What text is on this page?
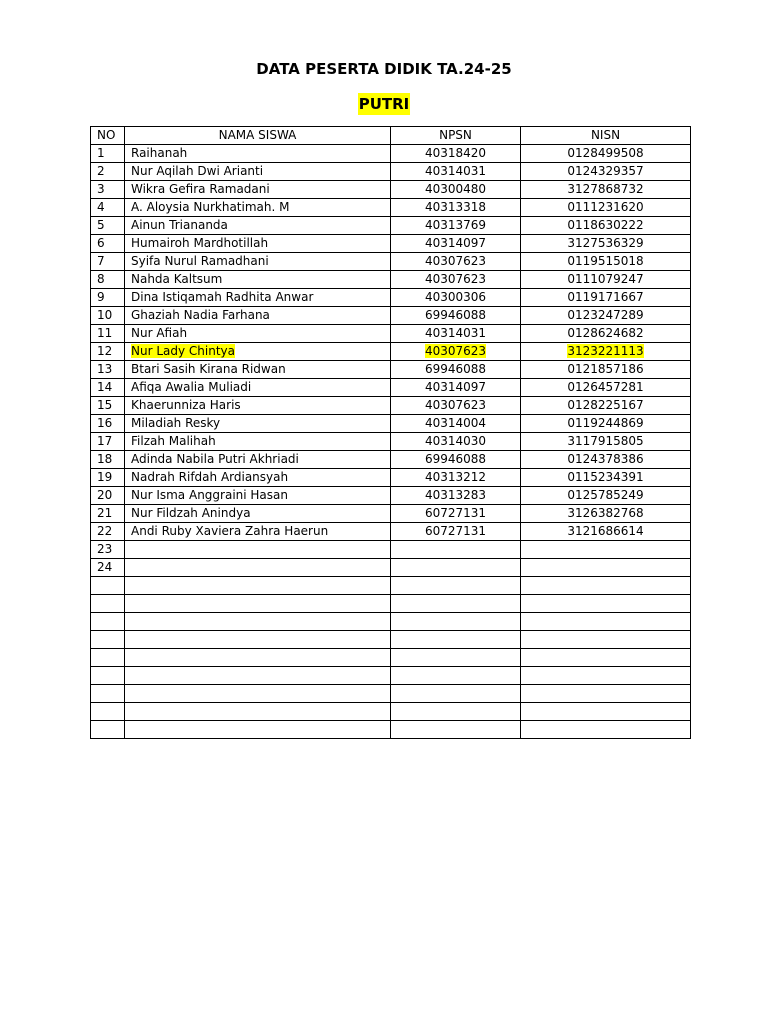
DATA PESERTA DIDIK TA.24-25
PUTRI
NO	NAMA SISWA	NPSN	NISN
1	Raihanah	40318420	0128499508
2	Nur Aqilah Dwi Arianti	40314031	0124329357
3	Wikra Gefira Ramadani	40300480	3127868732
4	A. Aloysia Nurkhatimah. M	40313318	0111231620
5	Ainun Triananda	40313769	0118630222
6	Humairoh Mardhotillah	40314097	3127536329
7	Syifa Nurul Ramadhani	40307623	0119515018
8	Nahda Kaltsum	40307623	0111079247
9	Dina Istiqamah Radhita Anwar	40300306	0119171667
10	Ghaziah Nadia Farhana	69946088	0123247289
11	Nur Afiah	40314031	0128624682
12	Nur Lady Chintya	40307623	3123221113
13	Btari Sasih Kirana Ridwan	69946088	0121857186
14	Afiqa Awalia Muliadi	40314097	0126457281
15	Khaerunniza Haris	40307623	0128225167
16	Miladiah Resky	40314004	0119244869
17	Filzah Malihah	40314030	3117915805
18	Adinda Nabila Putri Akhriadi	69946088	0124378386
19	Nadrah Rifdah Ardiansyah	40313212	0115234391
20	Nur Isma Anggraini Hasan	40313283	0125785249
21	Nur Fildzah Anindya	60727131	3126382768
22	Andi Ruby Xaviera Zahra Haerun	60727131	3121686614
23			
24			
